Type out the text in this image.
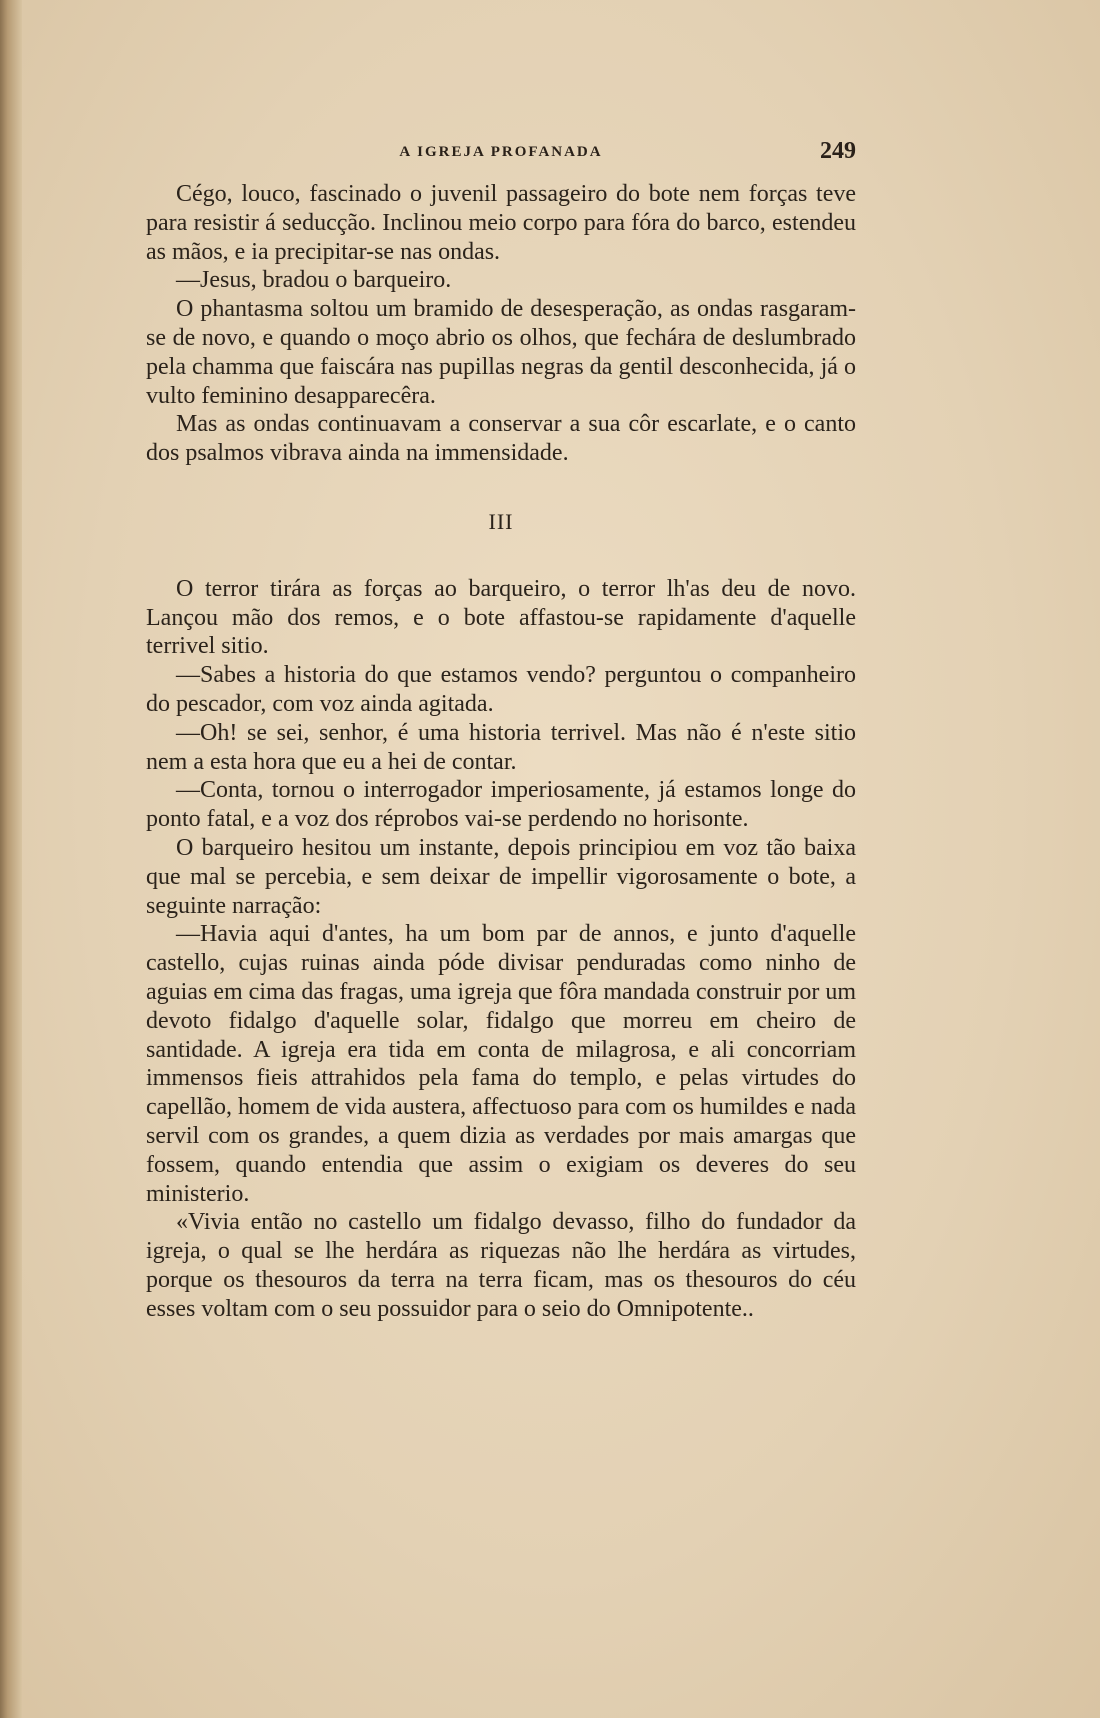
A IGREJA PROFANADA	249

Cégo, louco, fascinado o juvenil passageiro do bote nem forças teve para resistir á seducção. Inclinou meio corpo para fóra do barco, estendeu as mãos, e ia precipitar-se nas ondas.

—Jesus, bradou o barqueiro.

O phantasma soltou um bramido de desesperação, as ondas rasgaram-se de novo, e quando o moço abrio os olhos, que fechára de deslumbrado pela chamma que faiscára nas pupillas negras da gentil desconhecida, já o vulto feminino desapparecêra.

Mas as ondas continuavam a conservar a sua côr escarlate, e o canto dos psalmos vibrava ainda na immensidade.

III

O terror tirára as forças ao barqueiro, o terror lh'as deu de novo. Lançou mão dos remos, e o bote affastou-se rapidamente d'aquelle terrivel sitio.

—Sabes a historia do que estamos vendo? perguntou o companheiro do pescador, com voz ainda agitada.

—Oh! se sei, senhor, é uma historia terrivel. Mas não é n'este sitio nem a esta hora que eu a hei de contar.

—Conta, tornou o interrogador imperiosamente, já estamos longe do ponto fatal, e a voz dos réprobos vai-se perdendo no horisonte.

O barqueiro hesitou um instante, depois principiou em voz tão baixa que mal se percebia, e sem deixar de impellir vigorosamente o bote, a seguinte narração:

—Havia aqui d'antes, ha um bom par de annos, e junto d'aquelle castello, cujas ruinas ainda póde divisar penduradas como ninho de aguias em cima das fragas, uma igreja que fôra mandada construir por um devoto fidalgo d'aquelle solar, fidalgo que morreu em cheiro de santidade. A igreja era tida em conta de milagrosa, e ali concorriam immensos fieis attrahidos pela fama do templo, e pelas virtudes do capellão, homem de vida austera, affectuoso para com os humildes e nada servil com os grandes, a quem dizia as verdades por mais amargas que fossem, quando entendia que assim o exigiam os deveres do seu ministerio.

«Vivia então no castello um fidalgo devasso, filho do fundador da igreja, o qual se lhe herdára as riquezas não lhe herdára as virtudes, porque os thesouros da terra na terra ficam, mas os thesouros do céu esses voltam com o seu possuidor para o seio do Omnipotente..
